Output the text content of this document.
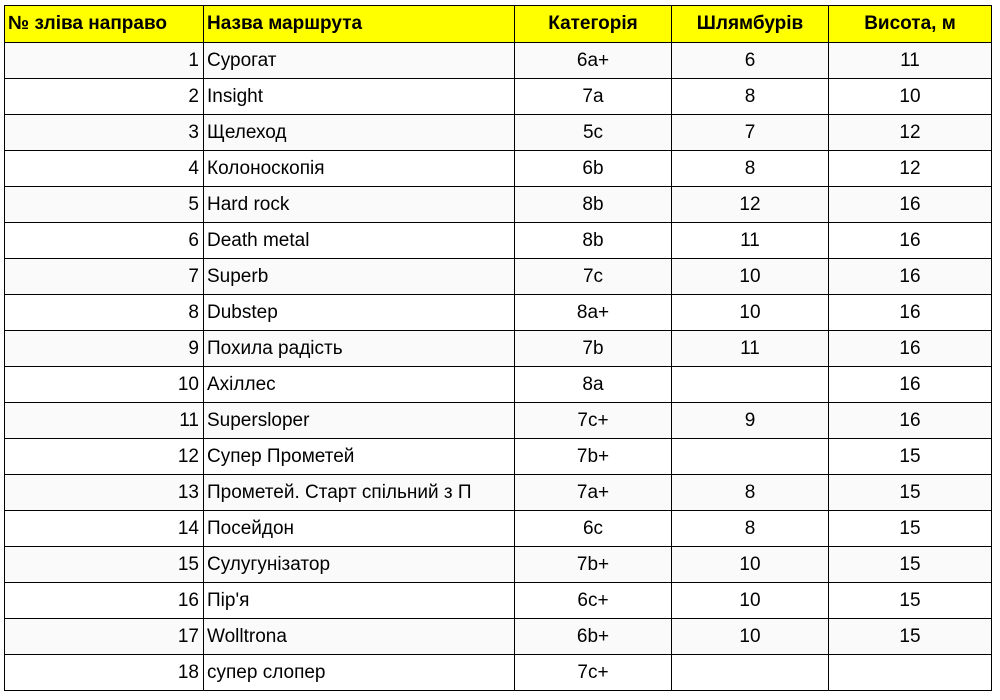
№ зліва направо	Назва маршрута	Категорія	Шлямбурів	Висота, м
1	Сурогат	6a+	6	11
2	Insight	7a	8	10
3	Щелеход	5c	7	12
4	Колоноскопія	6b	8	12
5	Hard rock	8b	12	16
6	Death metal	8b	11	16
7	Superb	7c	10	16
8	Dubstep	8a+	10	16
9	Похила радість	7b	11	16
10	Ахіллес	8a		16
11	Supersloper	7c+	9	16
12	Супер Прометей	7b+		15
13	Прометей. Старт спільний з П	7a+	8	15
14	Посейдон	6c	8	15
15	Сулугунізатор	7b+	10	15
16	Пір'я	6c+	10	15
17	Wolltrona	6b+	10	15
18	супер слопер	7c+		
